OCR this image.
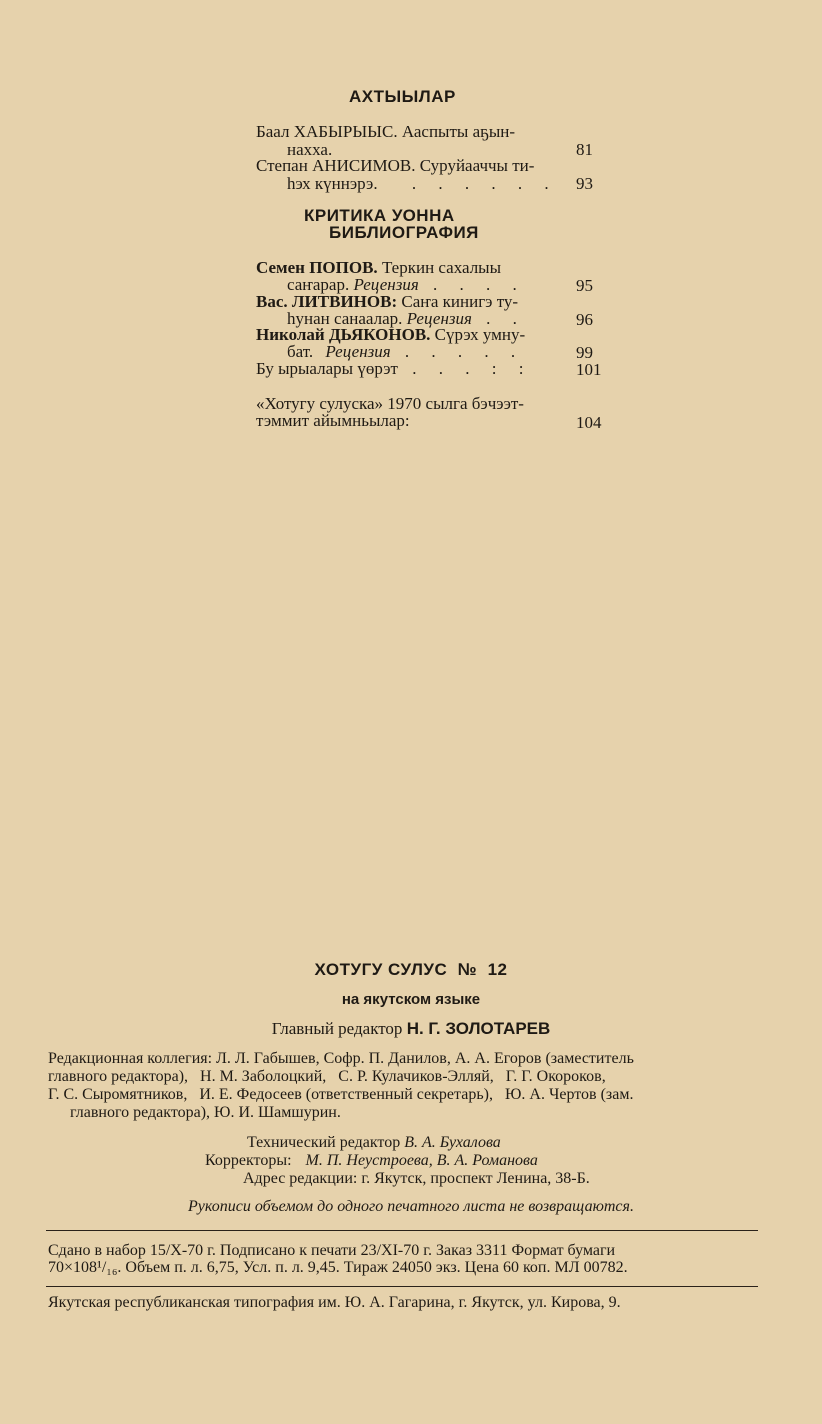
АХТЫЫЛАР
Баал ХАБЫРЫЫС. Ааспыты аҕын-
нахха.	81
Степан АНИСИМОВ. Суруйааччы ти-
һэх күннэрэ. . . . . . . 93
КРИТИКА УОННА
БИБЛИОГРАФИЯ
Семен ПОПОВ. Теркин сахалыы
саҥарар. Рецензия . . . .	95
Вас. ЛИТВИНОВ: Саҥа кинигэ ту-
һунан санаалар. Рецензия . .	96
Николай ДЬЯКОНОВ. Сүрэх умну-
бат. Рецензия . . . . .	99
Бу ырыалары үөрэт . . . : :	101
«Хотугу сулуска» 1970 сылга бэчээт-
тэммит айымньылар:	104
ХОТУГУ СУЛУС  №  12
на якутском языке
Главный редактор Н. Г. ЗОЛОТАРЕВ
Редакционная коллегия: Л. Л. Габышев, Софр. П. Данилов, А. А. Егоров (заместитель
главного редактора),   Н. М. Заболоцкий,   С. Р. Кулачиков-Элляй,   Г. Г. Окороков,
Г. С. Сыромятников,   И. Е. Федосеев (ответственный секретарь),   Ю. А. Чертов (зам.
главного редактора), Ю. И. Шамшурин.
Технический редактор В. А. Бухалова
Корректоры: М. П. Неустроева, В. А. Романова
Адрес редакции: г. Якутск, проспект Ленина, 38-Б.
Рукописи объемом до одного печатного листа не возвращаются.
Сдано в набор 15/X-70 г. Подписано к печати 23/XI-70 г. Заказ 3311 Формат бумаги
70×108¹/₁₆. Объем п. л. 6,75, Усл. п. л. 9,45. Тираж 24050 экз. Цена 60 коп. МЛ 00782.
Якутская республиканская типография им. Ю. А. Гагарина, г. Якутск, ул. Кирова, 9.
